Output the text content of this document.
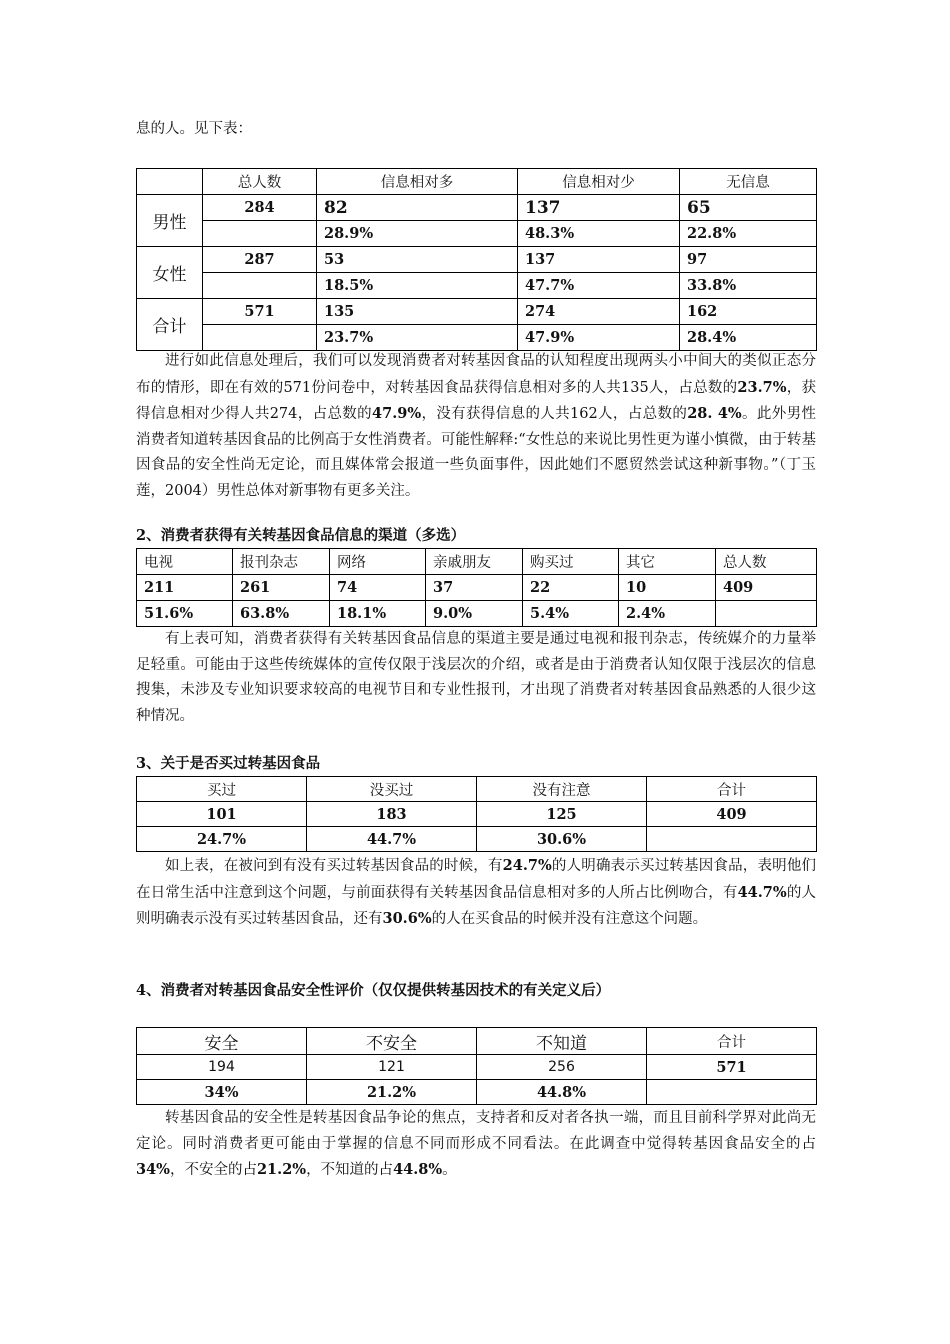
息的人。见下表：

	总人数	信息相对多	信息相对少	无信息
男性	284	82	137	65
		28.9%	48.3%	22.8%
女性	287	53	137	97
		18.5%	47.7%	33.8%
合计	571	135	274	162
		23.7%	47.9%	28.4%

进行如此信息处理后，我们可以发现消费者对转基因食品的认知程度出现两头小中间大的类似正态分布的情形，即在有效的571份问卷中，对转基因食品获得信息相对多的人共135人，占总数的23.7%，获得信息相对少得人共274，占总数的47.9%，没有获得信息的人共162人，占总数的28. 4%。此外男性消费者知道转基因食品的比例高于女性消费者。可能性解释:“女性总的来说比男性更为谨小慎微，由于转基因食品的安全性尚无定论，而且媒体常会报道一些负面事件，因此她们不愿贸然尝试这种新事物。”（丁玉莲，2004）男性总体对新事物有更多关注。

2、消费者获得有关转基因食品信息的渠道（多选）
电视	报刊杂志	网络	亲戚朋友	购买过	其它	总人数
211	261	74	37	22	10	409
51.6%	63.8%	18.1%	9.0%	5.4%	2.4%	

有上表可知，消费者获得有关转基因食品信息的渠道主要是通过电视和报刊杂志，传统媒介的力量举足轻重。可能由于这些传统媒体的宣传仅限于浅层次的介绍，或者是由于消费者认知仅限于浅层次的信息搜集，未涉及专业知识要求较高的电视节目和专业性报刊，才出现了消费者对转基因食品熟悉的人很少这种情况。

3、关于是否买过转基因食品
买过	没买过	没有注意	合计
101	183	125	409
24.7%	44.7%	30.6%	

如上表，在被问到有没有买过转基因食品的时候，有24.7%的人明确表示买过转基因食品，表明他们在日常生活中注意到这个问题，与前面获得有关转基因食品信息相对多的人所占比例吻合，有44.7%的人则明确表示没有买过转基因食品，还有30.6%的人在买食品的时候并没有注意这个问题。

4、消费者对转基因食品安全性评价（仅仅提供转基因技术的有关定义后）
安全	不安全	不知道	合计
194	121	256	571
34%	21.2%	44.8%	

转基因食品的安全性是转基因食品争论的焦点，支持者和反对者各执一端，而且目前科学界对此尚无定论。同时消费者更可能由于掌握的信息不同而形成不同看法。在此调查中觉得转基因食品安全的占34%，不安全的占21.2%，不知道的占44.8%。
